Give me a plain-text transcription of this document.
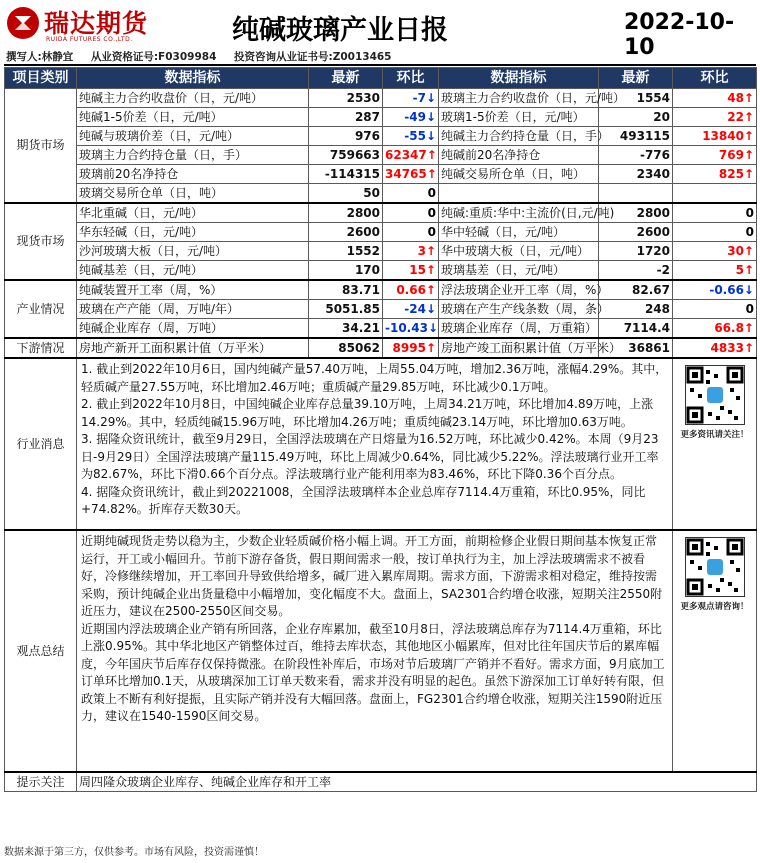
瑞达期货
RUIDA FUTURES CO.,LTD.	纯碱玻璃产业日报	2022-10-10
撰写人:林静宜 从业资格证号:F0309984 投资咨询从业证书号:Z0013465
项目类别	数据指标	最新	环比	数据指标	最新	环比
期货市场	纯碱主力合约收盘价（日，元/吨）	2530	-7↓	玻璃主力合约收盘价（日，元/吨）	1554	48↑
	纯碱1-5价差（日，元/吨）	287	-49↓	玻璃1-5价差（日，元/吨）	20	22↑
	纯碱与玻璃价差（日，元/吨）	976	-55↓	纯碱主力合约持仓量（日，手）	493115	13840↑
	玻璃主力合约持仓量（日，手）	759663	62347↑	纯碱前20名净持仓	-776	769↑
	玻璃前20名净持仓	-114315	34765↑	纯碱交易所仓单（日，吨）	2340	825↑
	玻璃交易所仓单（日，吨）	50	0			
现货市场	华北重碱（日，元/吨）	2800	0	纯碱:重质:华中:主流价(日,元/吨)	2800	0
	华东轻碱（日，元/吨）	2600	0	华中轻碱（日，元/吨）	2600	0
	沙河玻璃大板（日，元/吨）	1552	3↑	华中玻璃大板（日，元/吨）	1720	30↑
	纯碱基差（日，元/吨）	170	15↑	玻璃基差（日，元/吨）	-2	5↑
产业情况	纯碱装置开工率（周，%）	83.71	0.66↑	浮法玻璃企业开工率（周，%）	82.67	-0.66↓
	玻璃在产产能（周，万吨/年）	5051.85	-24↓	玻璃在产生产线条数（周，条）	248	0
	纯碱企业库存（周，万吨）	34.21	-10.43↓	玻璃企业库存（周，万重箱）	7114.4	66.8↑
下游情况	房地产新开工面积累计值（万平米）	85062	8995↑	房地产竣工面积累计值（万平米）	36861	4833↑
行业消息	1. 截止到2022年10月6日，国内纯碱产量57.40万吨，上周55.04万吨，增加2.36万吨，涨幅4.29%。其中，轻质碱产量27.55万吨，环比增加2.46万吨；重质碱产量29.85万吨，环比减少0.1万吨。

2. 截止到2022年10月8日，中国纯碱企业库存总量39.10万吨，上周34.21万吨，环比增加4.89万吨，上涨14.29%。其中，轻质纯碱15.96万吨，环比增加4.26万吨；重质纯碱23.14万吨，环比增加0.63万吨。

3. 据隆众资讯统计，截至9月29日，全国浮法玻璃在产日熔量为16.52万吨，环比减少0.42%。本周（9月23日-9月29日）全国浮法玻璃产量115.49万吨，环比上周减少0.64%，同比减少5.22%。浮法玻璃行业开工率为82.67%，环比下滑0.66个百分点。浮法玻璃行业产能利用率为83.46%，环比下降0.36个百分点。

4. 据隆众资讯统计，截止到20221008，全国浮法玻璃样本企业总库存7114.4万重箱，环比0.95%，同比+74.82%。折库存天数30天。					更多资讯请关注！

观点总结	近期纯碱现货走势以稳为主，少数企业轻质碱价格小幅上调。开工方面，前期检修企业假日期间基本恢复正常运行，开工或小幅回升。节前下游存备货，假日期间需求一般，按订单执行为主，加上浮法玻璃需求不被看好，冷修继续增加，开工率回升导致供给增多，碱厂进入累库周期。需求方面，下游需求相对稳定，维持按需采购，预计纯碱企业出货量稳中小幅增加，变化幅度不大。盘面上，SA2301合约增仓收涨，短期关注2550附近压力，建议在2500-2550区间交易。

近期国内浮法玻璃企业产销有所回落，企业存库累加，截至10月8日，浮法玻璃总库存为7114.4万重箱，环比上涨0.95%。其中华北地区产销整体过百，维持去库状态，其他地区小幅累库，但对比往年国庆节后的累库幅度，今年国庆节后库存仅保持微涨。在阶段性补库后，市场对节后玻璃厂产销并不看好。需求方面，9月底加工订单环比增加0.1天，从玻璃深加工订单天数来看，需求并没有明显的起色。虽然下游深加工订单好转有限，但政策上不断有利好提振，且实际产销并没有大幅回落。盘面上，FG2301合约增仓收涨，短期关注1590附近压力，建议在1540-1590区间交易。					更多观点请咨询！

提示关注	周四隆众玻璃企业库存、纯碱企业库存和开工率					
数据来源于第三方，仅供参考。市场有风险，投资需谨慎！
